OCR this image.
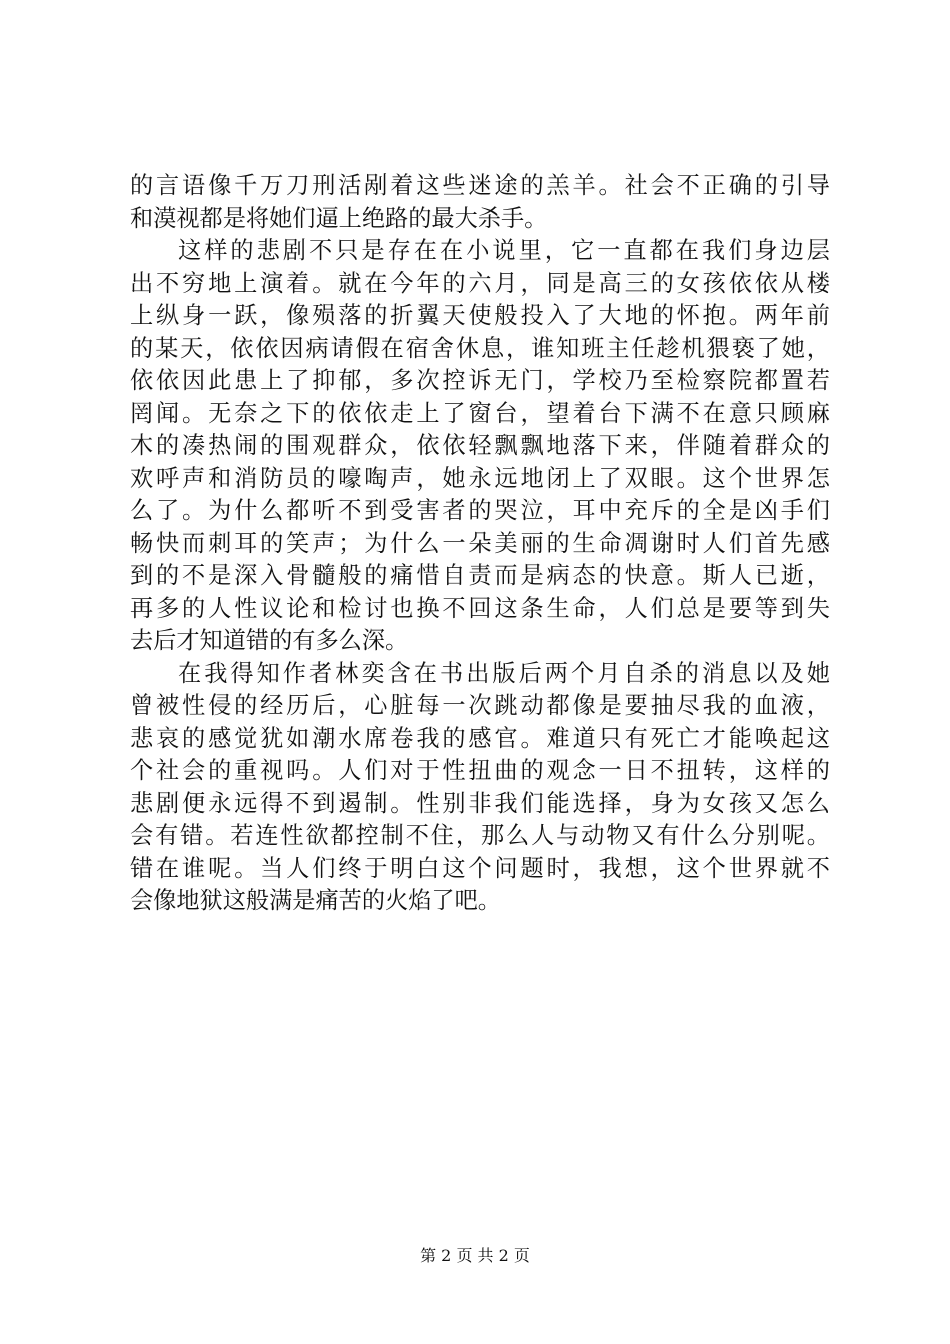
的言语像千万刀刑活剐着这些迷途的羔羊。社会不正确的引导
和漠视都是将她们逼上绝路的最大杀手。
这样的悲剧不只是存在在小说里，它一直都在我们身边层
出不穷地上演着。就在今年的六月，同是高三的女孩依依从楼
上纵身一跃，像殒落的折翼天使般投入了大地的怀抱。两年前
的某天，依依因病请假在宿舍休息，谁知班主任趁机猥亵了她，
依依因此患上了抑郁，多次控诉无门，学校乃至检察院都置若
罔闻。无奈之下的依依走上了窗台，望着台下满不在意只顾麻
木的凑热闹的围观群众，依依轻飘飘地落下来，伴随着群众的
欢呼声和消防员的嚎啕声，她永远地闭上了双眼。这个世界怎
么了。为什么都听不到受害者的哭泣，耳中充斥的全是凶手们
畅快而刺耳的笑声；为什么一朵美丽的生命凋谢时人们首先感
到的不是深入骨髓般的痛惜自责而是病态的快意。斯人已逝，
再多的人性议论和检讨也换不回这条生命，人们总是要等到失
去后才知道错的有多么深。
在我得知作者林奕含在书出版后两个月自杀的消息以及她
曾被性侵的经历后，心脏每一次跳动都像是要抽尽我的血液，
悲哀的感觉犹如潮水席卷我的感官。难道只有死亡才能唤起这
个社会的重视吗。人们对于性扭曲的观念一日不扭转，这样的
悲剧便永远得不到遏制。性别非我们能选择，身为女孩又怎么
会有错。若连性欲都控制不住，那么人与动物又有什么分别呢。
错在谁呢。当人们终于明白这个问题时，我想，这个世界就不
会像地狱这般满是痛苦的火焰了吧。
第 2 页 共 2 页
